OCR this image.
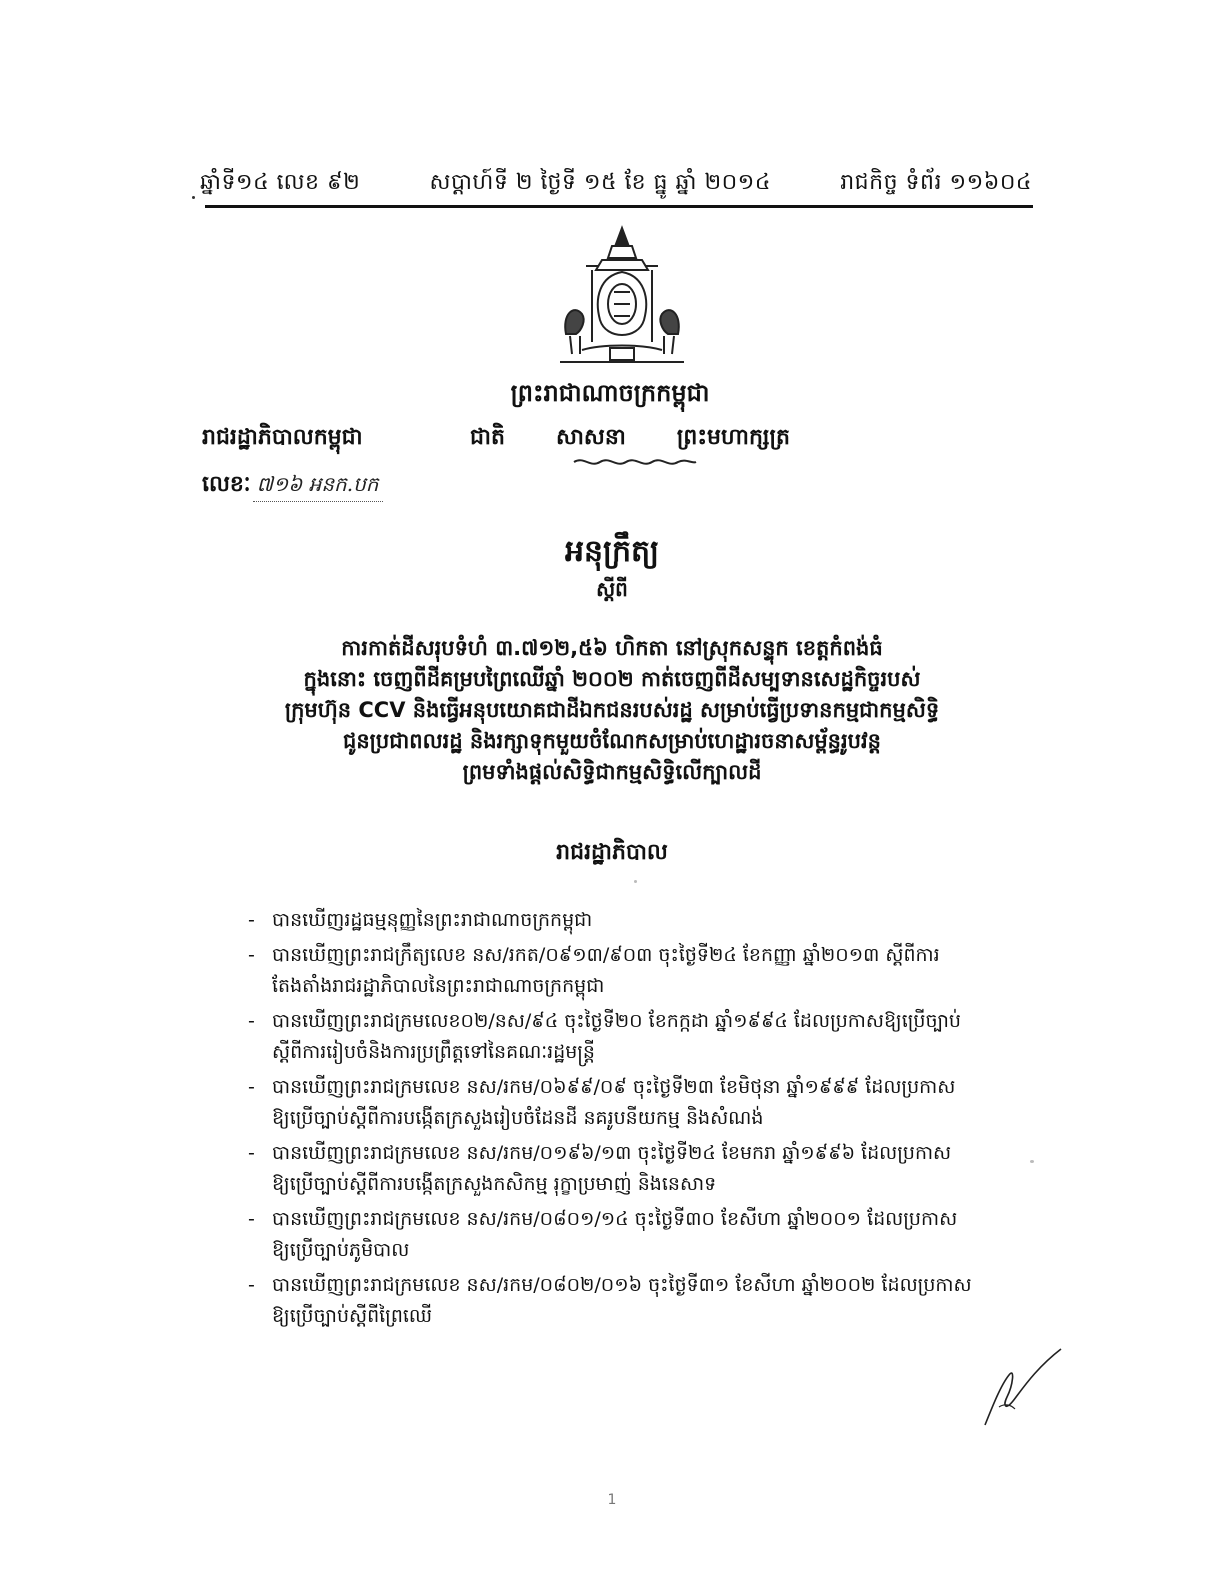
ឆ្នាំទី១៤ លេខ ៩២	សប្តាហ៍ទី ២ ថ្ងៃទី ១៥ ខែ ធ្នូ ឆ្នាំ ២០១៤	រាជកិច្ច ទំព័រ ១១៦០៤
ព្រះរាជាណាចក្រកម្ពុជា
ជាតិ សាសនា ព្រះមហាក្សត្រ
រាជរដ្ឋាភិបាលកម្ពុជា
លេខៈ ៧១៦ អនក.បក
អនុក្រឹត្យ
ស្តីពី
ការកាត់ដីសរុបទំហំ ៣.៧១២,៥៦ ហិកតា នៅស្រុកសន្ទុក ខេត្តកំពង់ធំ
ក្នុងនោះ ចេញពីដីគម្របព្រៃឈើឆ្នាំ ២០០២ កាត់ចេញពីដីសម្បទានសេដ្ឋកិច្ចរបស់
ក្រុមហ៊ុន CCV និងធ្វើអនុបយោគជាដីឯកជនរបស់រដ្ឋ សម្រាប់ធ្វើប្រទានកម្មជាកម្មសិទ្ធិ
ជូនប្រជាពលរដ្ឋ និងរក្សាទុកមួយចំណែកសម្រាប់ហេដ្ឋារចនាសម្ព័ន្ធរូបវន្ត
ព្រមទាំងផ្តល់សិទ្ធិជាកម្មសិទ្ធិលើក្បាលដី
រាជរដ្ឋាភិបាល
- បានឃើញរដ្ឋធម្មនុញ្ញនៃព្រះរាជាណាចក្រកម្ពុជា
- បានឃើញព្រះរាជក្រឹត្យលេខ នស/រកត/០៩១៣/៩០៣ ចុះថ្ងៃទី២៤ ខែកញ្ញា ឆ្នាំ២០១៣ ស្តីពីការ
តែងតាំងរាជរដ្ឋាភិបាលនៃព្រះរាជាណាចក្រកម្ពុជា
- បានឃើញព្រះរាជក្រមលេខ០២/នស/៩៤ ចុះថ្ងៃទី២០ ខែកក្កដា ឆ្នាំ១៩៩៤ ដែលប្រកាសឱ្យប្រើច្បាប់
ស្តីពីការរៀបចំនិងការប្រព្រឹត្តទៅនៃគណៈរដ្ឋមន្ត្រី
- បានឃើញព្រះរាជក្រមលេខ នស/រកម/០៦៩៩/០៩ ចុះថ្ងៃទី២៣ ខែមិថុនា ឆ្នាំ១៩៩៩ ដែលប្រកាស
ឱ្យប្រើច្បាប់ស្តីពីការបង្កើតក្រសួងរៀបចំដែនដី នគរូបនីយកម្ម និងសំណង់
- បានឃើញព្រះរាជក្រមលេខ នស/រកម/០១៩៦/១៣ ចុះថ្ងៃទី២៤ ខែមករា ឆ្នាំ១៩៩៦ ដែលប្រកាស
ឱ្យប្រើច្បាប់ស្តីពីការបង្កើតក្រសួងកសិកម្ម រុក្ខាប្រមាញ់ និងនេសាទ
- បានឃើញព្រះរាជក្រមលេខ នស/រកម/០៨០១/១៤ ចុះថ្ងៃទី៣០ ខែសីហា ឆ្នាំ២០០១ ដែលប្រកាស
ឱ្យប្រើច្បាប់ភូមិបាល
- បានឃើញព្រះរាជក្រមលេខ នស/រកម/០៨០២/០១៦ ចុះថ្ងៃទី៣១ ខែសីហា ឆ្នាំ២០០២ ដែលប្រកាស
ឱ្យប្រើច្បាប់ស្តីពីព្រៃឈើ
1
